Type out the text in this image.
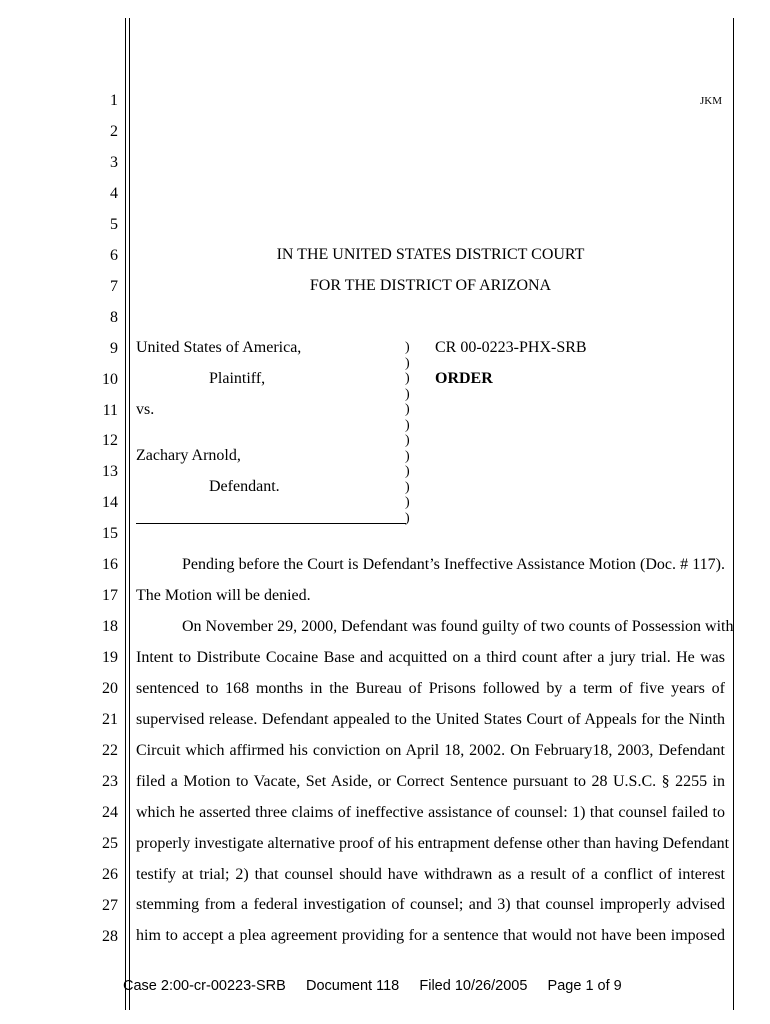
1
2
3
4
5
6
7
8
9
10
11
12
13
14
15
16
17
18
19
20
21
22
23
24
25
26
27
28
JKM
IN THE UNITED STATES DISTRICT COURT
FOR THE DISTRICT OF ARIZONA
United States of America,
Plaintiff,
vs.
Zachary Arnold,
Defendant.
)
)
)
)
)
)
)
)
)
)
)
)
CR 00-0223-PHX-SRB
ORDER
Pending before the Court is Defendant’s Ineffective Assistance Motion (Doc. # 117).
The Motion will be denied.
On November 29, 2000, Defendant was found guilty of two counts of Possession with
Intent to Distribute Cocaine Base and acquitted on a third count after a jury trial. He was
sentenced to 168 months in the Bureau of Prisons followed by a term of five years of
supervised release. Defendant appealed to the United States Court of Appeals for the Ninth
Circuit which affirmed his conviction on April 18, 2002. On February18, 2003, Defendant
filed a Motion to Vacate, Set Aside, or Correct Sentence pursuant to 28 U.S.C. § 2255 in
which he asserted three claims of ineffective assistance of counsel: 1) that counsel failed to
properly investigate alternative proof of his entrapment defense other than having Defendant
testify at trial; 2) that counsel should have withdrawn as a result of a conflict of interest
stemming from a federal investigation of counsel; and 3) that counsel improperly advised
him to accept a plea agreement providing for a sentence that would not have been imposed
Case 2:00-cr-00223-SRB Document 118 Filed 10/26/2005 Page 1 of 9
